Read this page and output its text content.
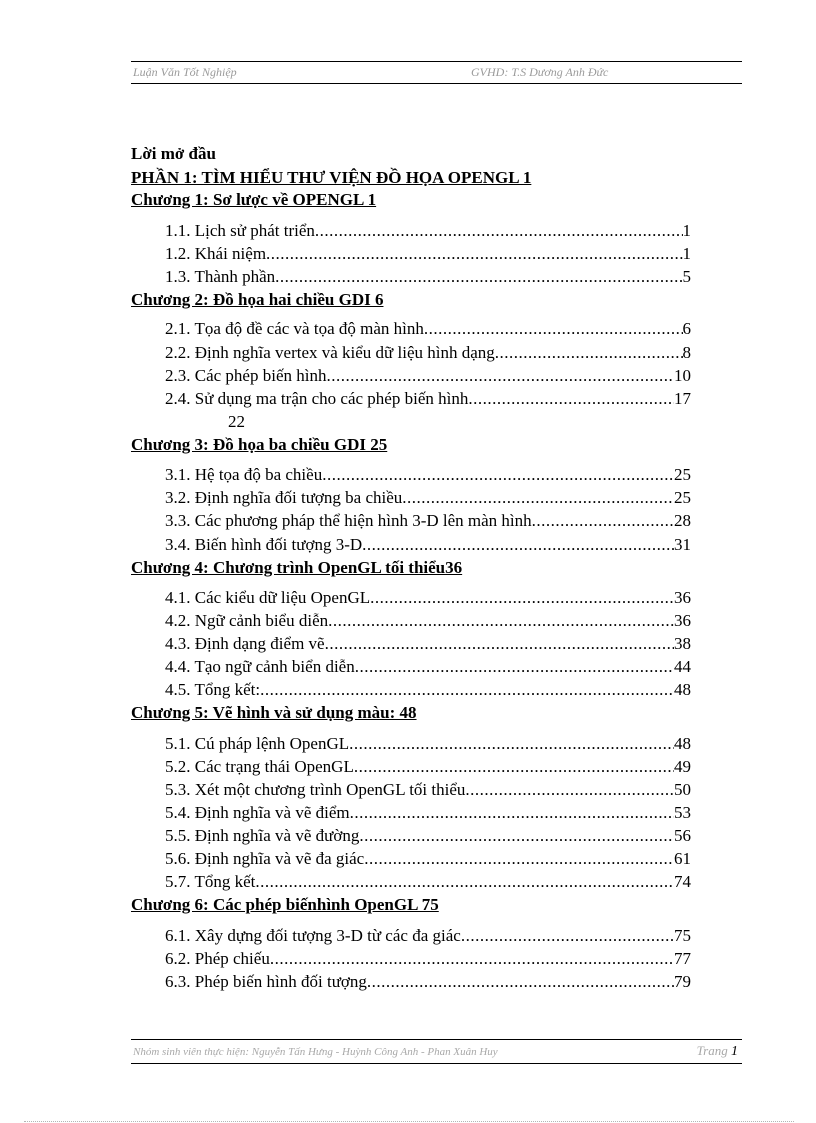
Luận Văn Tốt Nghiệp	GVHD: T.S Dương Anh Đức
Lời mở đầu
PHẦN 1: TÌM HIỂU THƯ VIỆN ĐỒ HỌA OPENGL 1
Chương 1: Sơ lược về OPENGL 1
1.1. Lịch sử phát triển .....	1
1.2. Khái niệm .....	1
1.3. Thành phần .....	5
Chương 2: Đồ họa hai chiều GDI 6
2.1. Tọa độ đề các và tọa độ màn hình .....	6
2.2. Định nghĩa vertex và kiểu dữ liệu hình dạng .....	8
2.3. Các phép biến hình .....	10
2.4. Sử dụng ma trận cho các phép biến hình .....	17
22
Chương 3: Đồ họa ba chiều GDI 25
3.1. Hệ tọa độ ba chiều .....	25
3.2. Định nghĩa đối tượng ba chiều .....	25
3.3. Các phương pháp thể hiện hình 3-D lên màn hình .....	28
3.4. Biến hình đối tượng 3-D .....	31
Chương 4: Chương trình OpenGL tối thiểu36
4.1. Các kiểu dữ liệu OpenGL .....	36
4.2. Ngữ cảnh biểu diễn .....	36
4.3. Định dạng điểm vẽ .....	38
4.4. Tạo ngữ cảnh biển diễn .....	44
4.5. Tổng kết: .....	48
Chương 5: Vẽ hình và sử dụng màu: 48
5.1. Cú pháp lệnh OpenGL .....	48
5.2. Các trạng thái OpenGL .....	49
5.3. Xét một chương trình OpenGL tối thiểu .....	50
5.4. Định nghĩa và vẽ điểm .....	53
5.5. Định nghĩa và vẽ đường .....	56
5.6. Định nghĩa và vẽ đa giác .....	61
5.7. Tổng kết .....	74
Chương 6: Các phép biếnhình OpenGL 75
6.1. Xây dựng đối tượng 3-D từ các đa giác .....	75
6.2. Phép chiếu .....	77
6.3. Phép biến hình đối tượng .....	79
Nhóm sinh viên thực hiện: Nguyễn Tấn Hưng - Huỳnh Công Anh - Phan Xuân Huy	Trang 1
